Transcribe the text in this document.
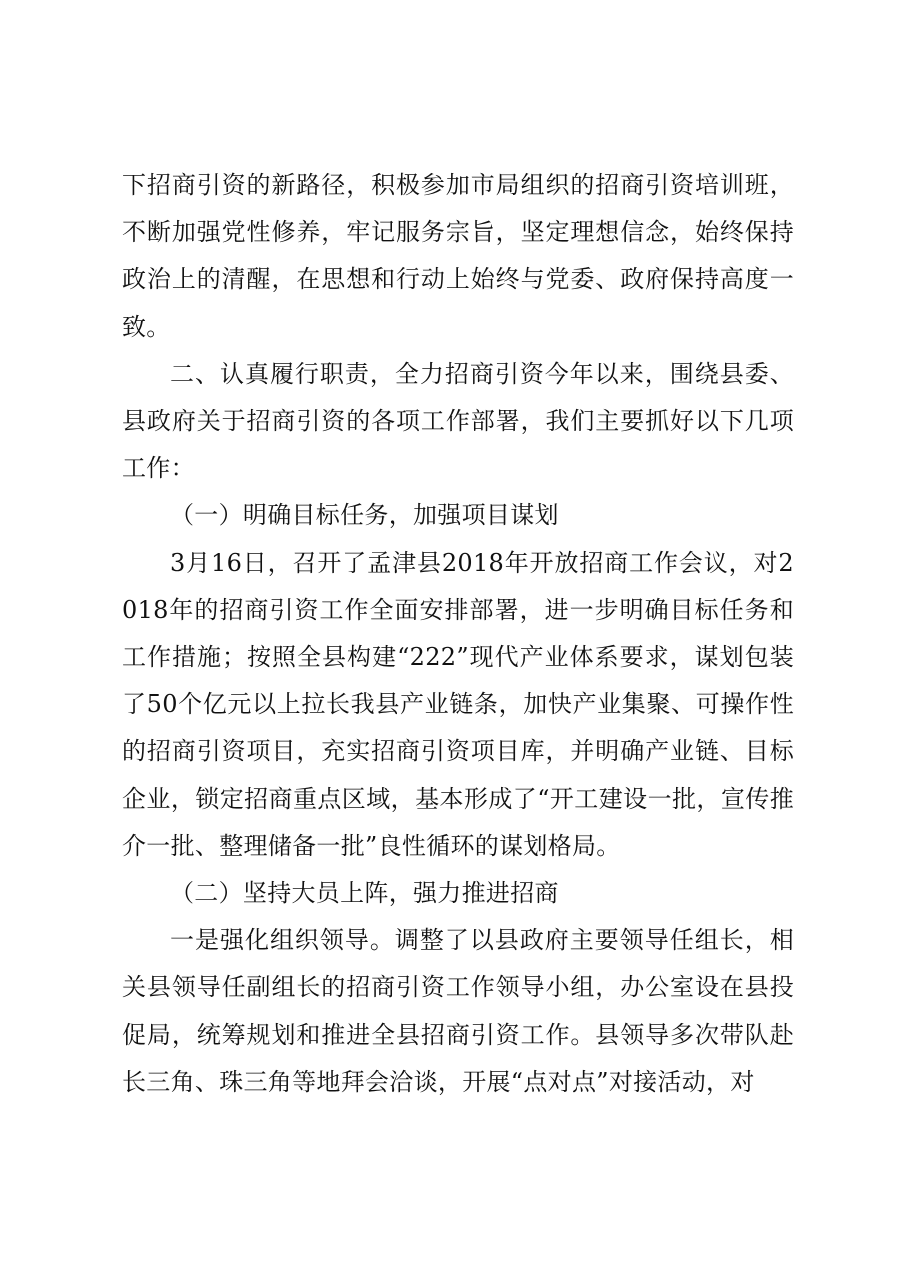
下招商引资的新路径，积极参加市局组织的招商引资培训班，不断加强党性修养，牢记服务宗旨，坚定理想信念，始终保持政治上的清醒，在思想和行动上始终与党委、政府保持高度一致。

二、认真履行职责，全力招商引资今年以来，围绕县委、县政府关于招商引资的各项工作部署，我们主要抓好以下几项工作：

（一）明确目标任务，加强项目谋划

3月16日，召开了孟津县2018年开放招商工作会议，对2018年的招商引资工作全面安排部署，进一步明确目标任务和工作措施；按照全县构建“222”现代产业体系要求，谋划包装了50个亿元以上拉长我县产业链条，加快产业集聚、可操作性的招商引资项目，充实招商引资项目库，并明确产业链、目标企业，锁定招商重点区域，基本形成了“开工建设一批，宣传推介一批、整理储备一批”良性循环的谋划格局。

（二）坚持大员上阵，强力推进招商

一是强化组织领导。调整了以县政府主要领导任组长，相关县领导任副组长的招商引资工作领导小组，办公室设在县投促局，统筹规划和推进全县招商引资工作。县领导多次带队赴长三角、珠三角等地拜会洽谈，开展“点对点”对接活动，对
